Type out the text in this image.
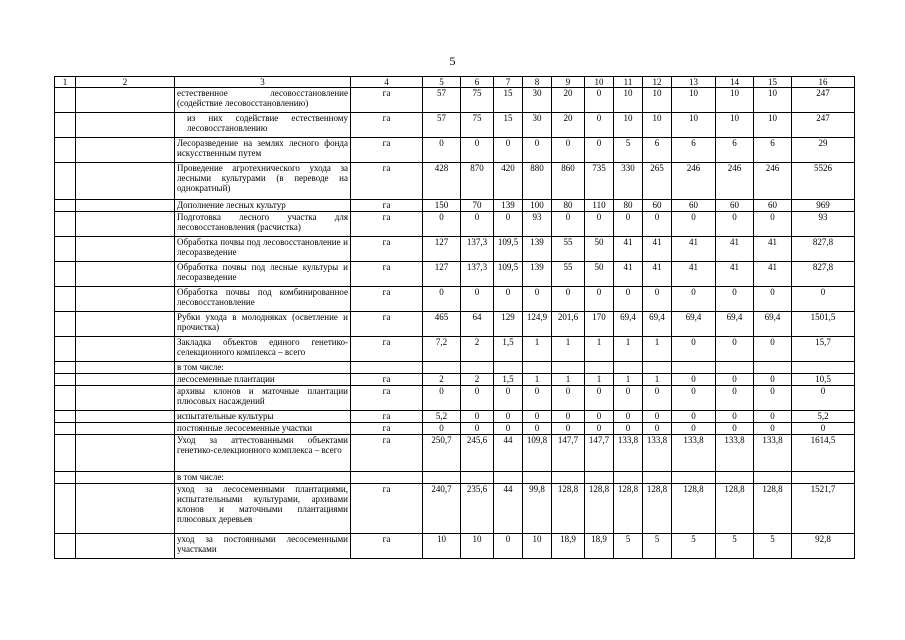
5
1	2	3	4	5	6	7	8	9	10	11	12	13	14	15	16
		естественное лесовосстановление (содействие лесовосстановлению)	га	57	75	15	30	20	0	10	10	10	10	10	247
		из них содействие естественному лесовосстановлению	га	57	75	15	30	20	0	10	10	10	10	10	247
		Лесоразведение на землях лесного фонда искусственным путем	га	0	0	0	0	0	0	5	6	6	6	6	29
		Проведение агротехнического ухода за лесными культурами (в переводе на однократный)	га	428	870	420	880	860	735	330	265	246	246	246	5526
		Дополнение лесных культур	га	150	70	139	100	80	110	80	60	60	60	60	969
		Подготовка лесного участка для лесовосстановления (расчистка)	га	0	0	0	93	0	0	0	0	0	0	0	93
		Обработка почвы под лесовосстановление и лесоразведение	га	127	137,3	109,5	139	55	50	41	41	41	41	41	827,8
		Обработка почвы под лесные культуры и лесоразведение	га	127	137,3	109,5	139	55	50	41	41	41	41	41	827,8
		Обработка почвы под комбинированное лесовосстановление	га	0	0	0	0	0	0	0	0	0	0	0	0
		Рубки ухода в молодняках (осветление и прочистка)	га	465	64	129	124,9	201,6	170	69,4	69,4	69,4	69,4	69,4	1501,5
		Закладка объектов единого генетико-селекционного комплекса – всего	га	7,2	2	1,5	1	1	1	1	1	0	0	0	15,7
		в том числе:													
		лесосеменные плантации	га	2	2	1,5	1	1	1	1	1	0	0	0	10,5
		архивы клонов и маточные плантации плюсовых насаждений	га	0	0	0	0	0	0	0	0	0	0	0	0
		испытательные культуры	га	5,2	0	0	0	0	0	0	0	0	0	0	5,2
		постоянные лесосеменные участки	га	0	0	0	0	0	0	0	0	0	0	0	0
		Уход за аттестованными объектами генетико-селекционного комплекса – всего	га	250,7	245,6	44	109,8	147,7	147,7	133,8	133,8	133,8	133,8	133,8	1614,5
		в том числе:													
		уход за лесосеменными плантациями, испытательными культурами, архивами клонов и маточными плантациями плюсовых деревьев	га	240,7	235,6	44	99,8	128,8	128,8	128,8	128,8	128,8	128,8	128,8	1521,7
		уход за постоянными лесосеменными участками	га	10	10	0	10	18,9	18,9	5	5	5	5	5	92,8
